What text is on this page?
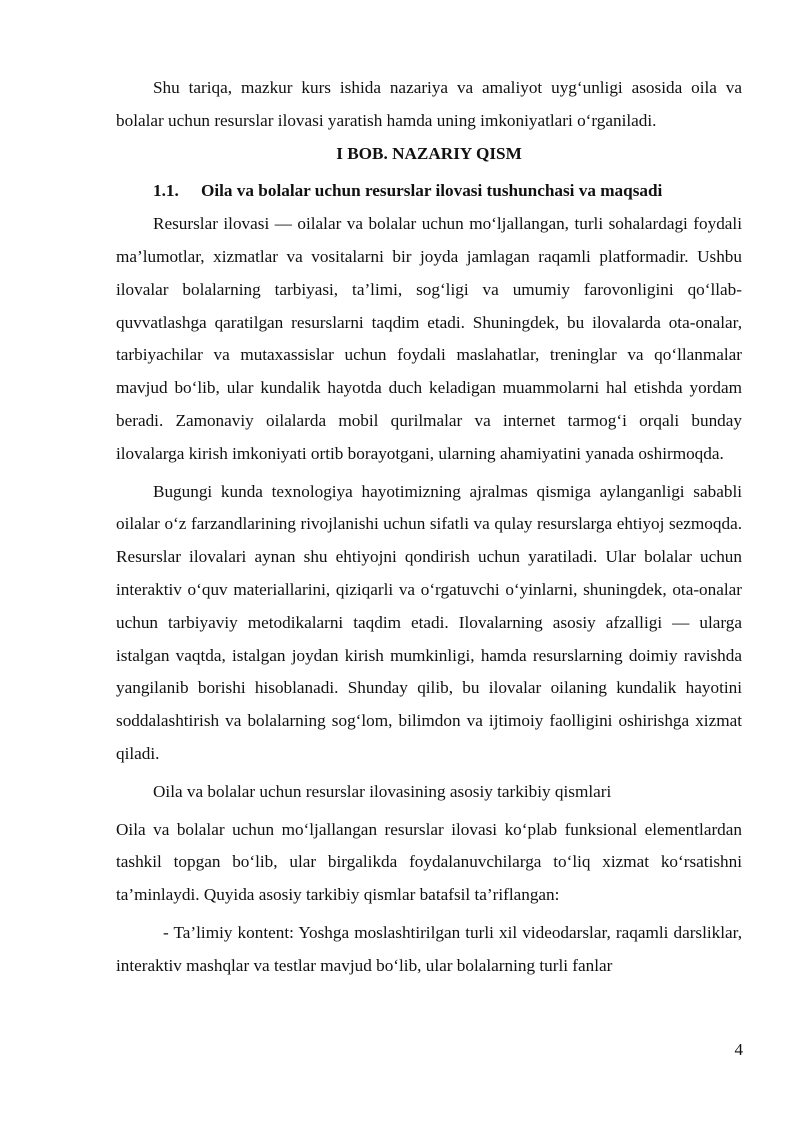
Shu tariqa, mazkur kurs ishida nazariya va amaliyot uyg‘unligi asosida oila va bolalar uchun resurslar ilovasi yaratish hamda uning imkoniyatlari o‘rganiladi.

I BOB. NAZARIY QISM

1.1. Oila va bolalar uchun resurslar ilovasi tushunchasi va maqsadi

Resurslar ilovasi — oilalar va bolalar uchun mo‘ljallangan, turli sohalardagi foydali ma’lumotlar, xizmatlar va vositalarni bir joyda jamlagan raqamli platformadir. Ushbu ilovalar bolalarning tarbiyasi, ta’limi, sog‘ligi va umumiy farovonligini qo‘llab-quvvatlashga qaratilgan resurslarni taqdim etadi. Shuningdek, bu ilovalarda ota-onalar, tarbiyachilar va mutaxassislar uchun foydali maslahatlar, treninglar va qo‘llanmalar mavjud bo‘lib, ular kundalik hayotda duch keladigan muammolarni hal etishda yordam beradi. Zamonaviy oilalarda mobil qurilmalar va internet tarmog‘i orqali bunday ilovalarga kirish imkoniyati ortib borayotgani, ularning ahamiyatini yanada oshirmoqda.

Bugungi kunda texnologiya hayotimizning ajralmas qismiga aylanganligi sababli oilalar o‘z farzandlarining rivojlanishi uchun sifatli va qulay resurslarga ehtiyoj sezmoqda. Resurslar ilovalari aynan shu ehtiyojni qondirish uchun yaratiladi. Ular bolalar uchun interaktiv o‘quv materiallarini, qiziqarli va o‘rgatuvchi o‘yinlarni, shuningdek, ota-onalar uchun tarbiyaviy metodikalarni taqdim etadi. Ilovalarning asosiy afzalligi — ularga istalgan vaqtda, istalgan joydan kirish mumkinligi, hamda resurslarning doimiy ravishda yangilanib borishi hisoblanadi. Shunday qilib, bu ilovalar oilaning kundalik hayotini soddalashtirish va bolalarning sog‘lom, bilimdon va ijtimoiy faolligini oshirishga xizmat qiladi.

Oila va bolalar uchun resurslar ilovasining asosiy tarkibiy qismlari

Oila va bolalar uchun mo‘ljallangan resurslar ilovasi ko‘plab funksional elementlardan tashkil topgan bo‘lib, ular birgalikda foydalanuvchilarga to‘liq xizmat ko‘rsatishni ta’minlaydi. Quyida asosiy tarkibiy qismlar batafsil ta’riflangan:

- Ta’limiy kontent: Yoshga moslashtirilgan turli xil videodarslar, raqamli darsliklar, interaktiv mashqlar va testlar mavjud bo‘lib, ular bolalarning turli fanlar

4
